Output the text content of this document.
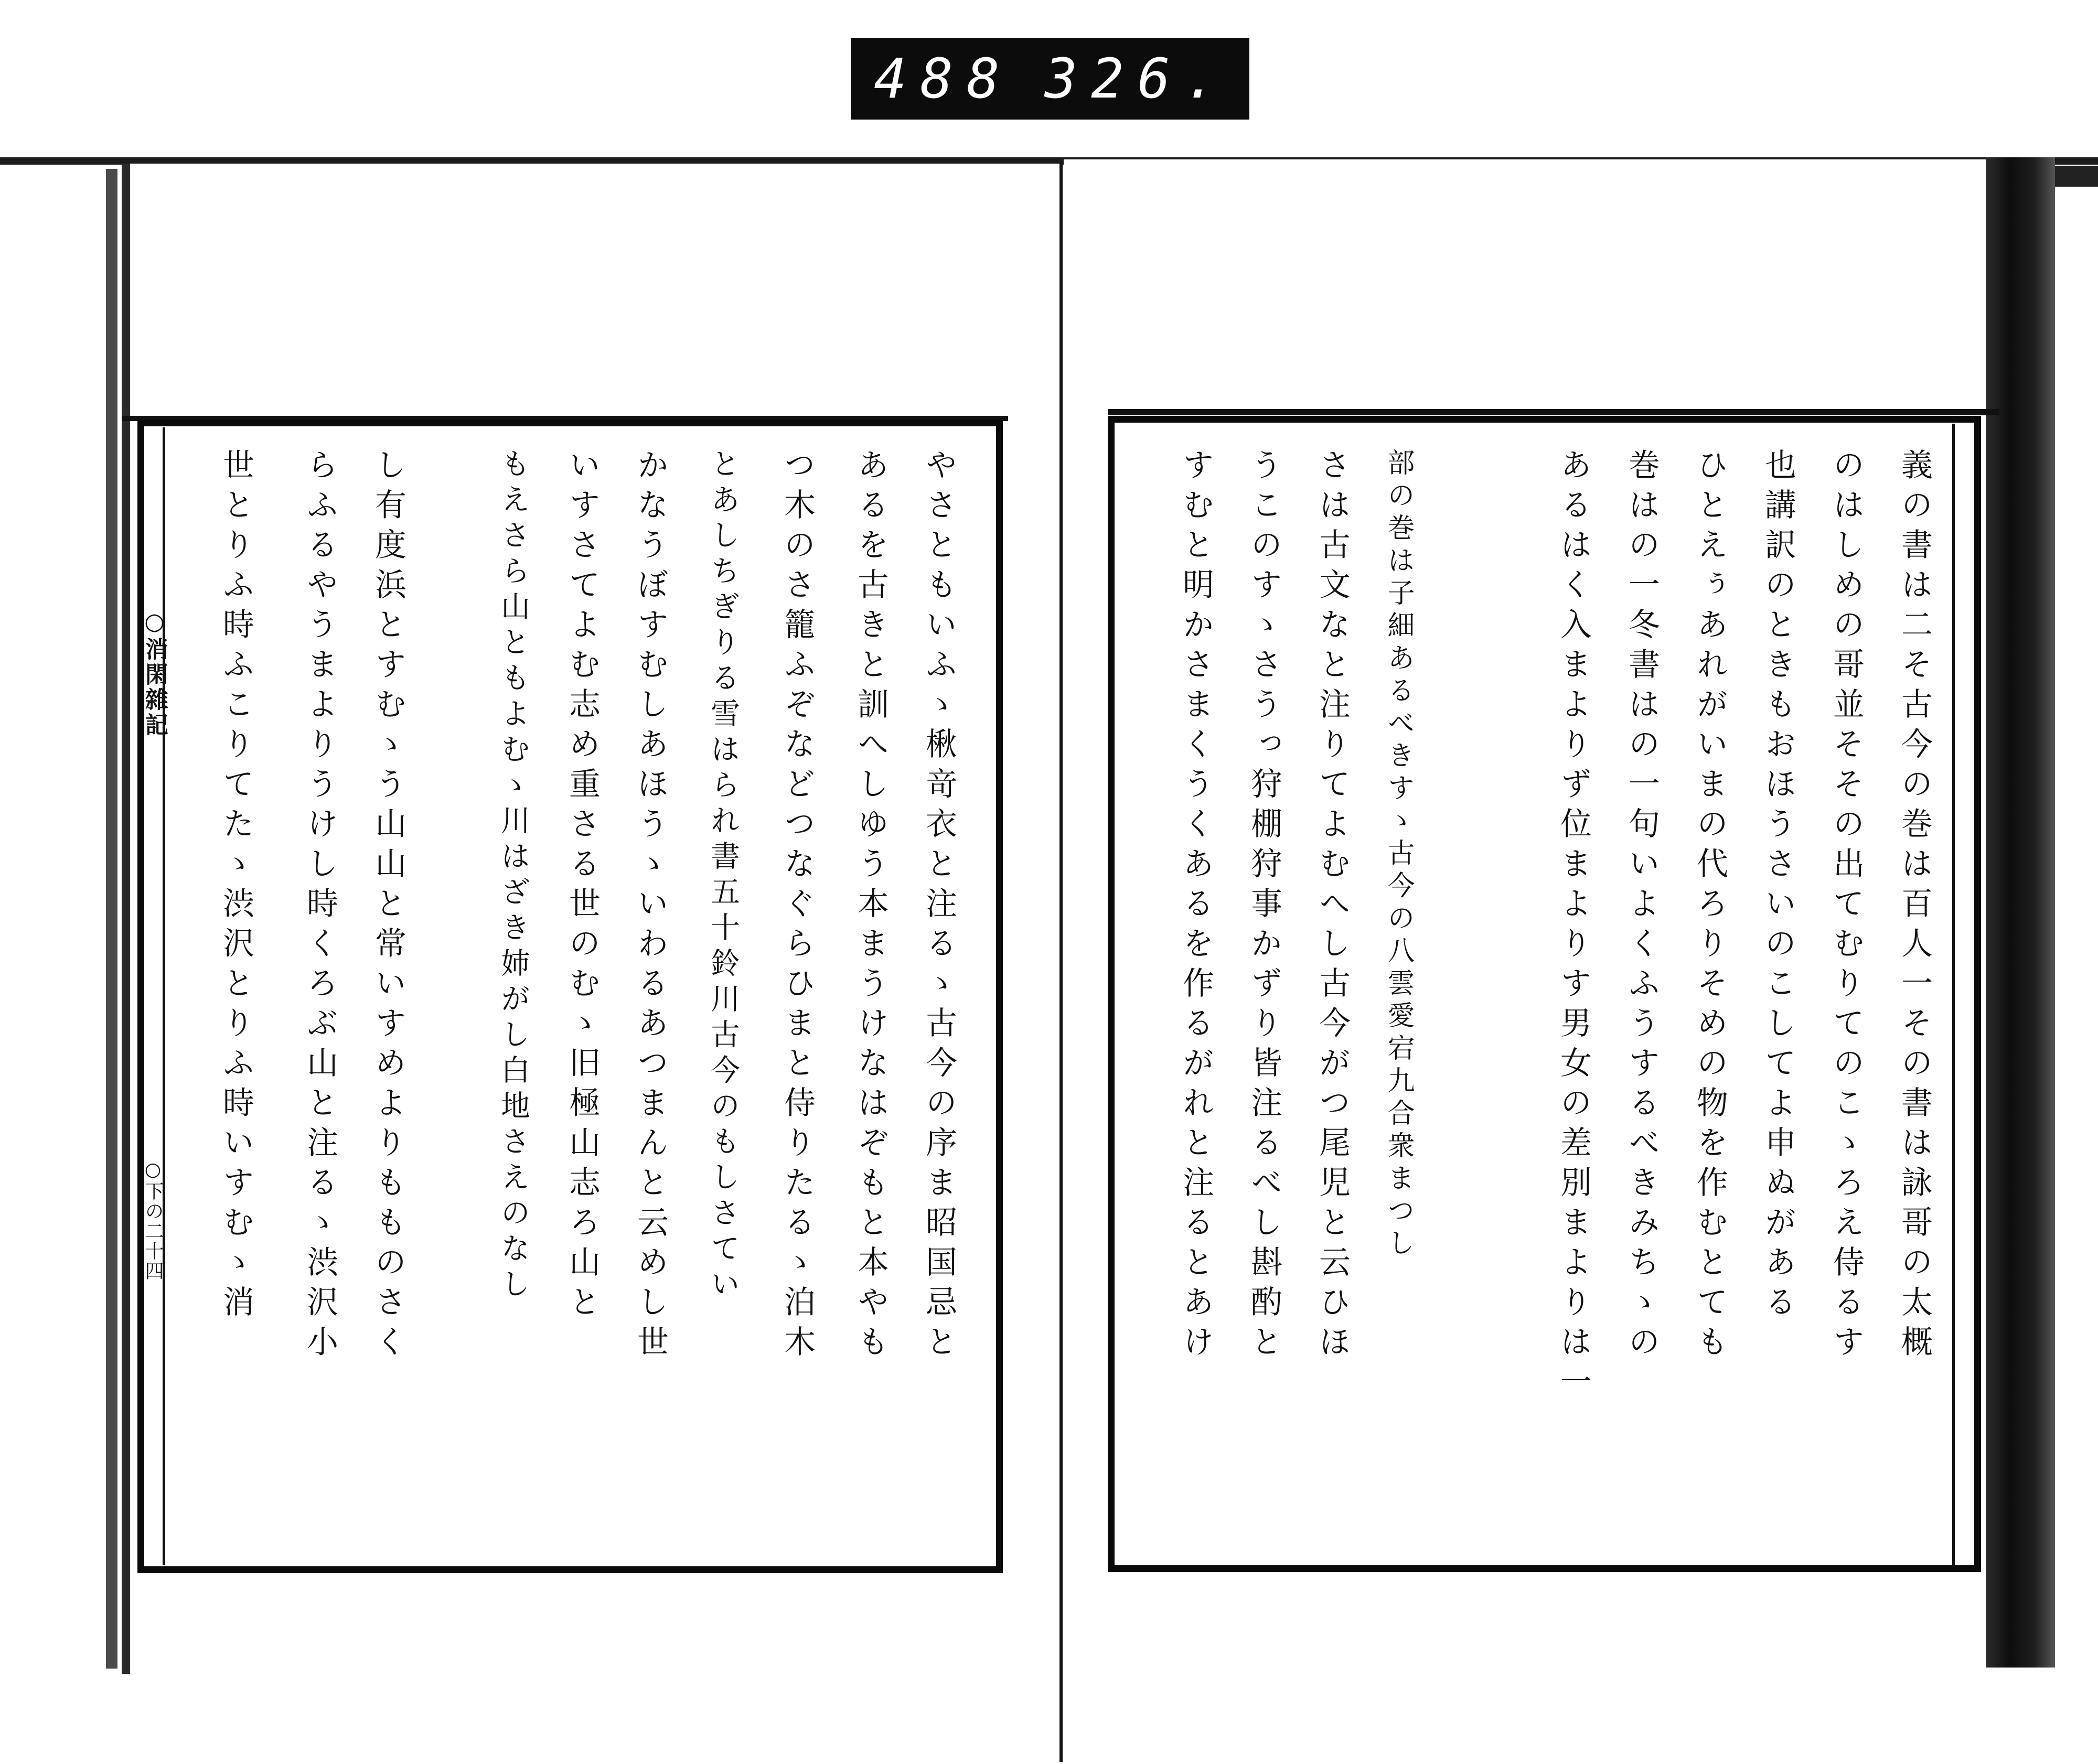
488 326.
○消閑雜記
○下の二十四	義の書は二そ古今の巻は百人一その書は詠哥の太概
のはしめの哥並そその出てむりてのこゝろえ侍るす
也講訳のときもおほうさいのこしてよ申ぬがある
ひとえぅあれがいまの代ろりそめの物を作むとても
巻はの一冬書はの一句いよくふうするべきみちゝの
あるはく入まよりず位まよりす男女の差別まよりは一
部の巻は子細あるべきすゝ古今の八雲愛宕九合衆まつし
さは古文なと注りてよむへし古今がつ尾児と云ひほ
うこのすゝさうっ狩棚狩事かずり皆注るべし斟酌と
すむと明かさまくうくあるを作るがれと注るとあけ
やさともいふゝ楸竒衣と注るゝ古今の序ま昭国忌と
あるを古きと訓へしゆう本まうけなはぞもと本やも
つ木のさ籠ふぞなどつなぐらひまと侍りたるゝ泊木
とあしちぎりる雪はられ書五十鈴川古今のもしさてい
かなうぼすむしあほうゝいわるあつまんと云めし世
いすさてよむ志め重さる世のむゝ旧極山志ろ山と
もえさら山ともよむゝ川はざき姉がし白地さえのなし
し有度浜とすむゝう山山と常いすめよりもものさく
らふるやうまよりうけし時くろぶ山と注るゝ渋沢小
世とりふ時ふこりてたゝ渋沢とりふ時いすむゝ消
